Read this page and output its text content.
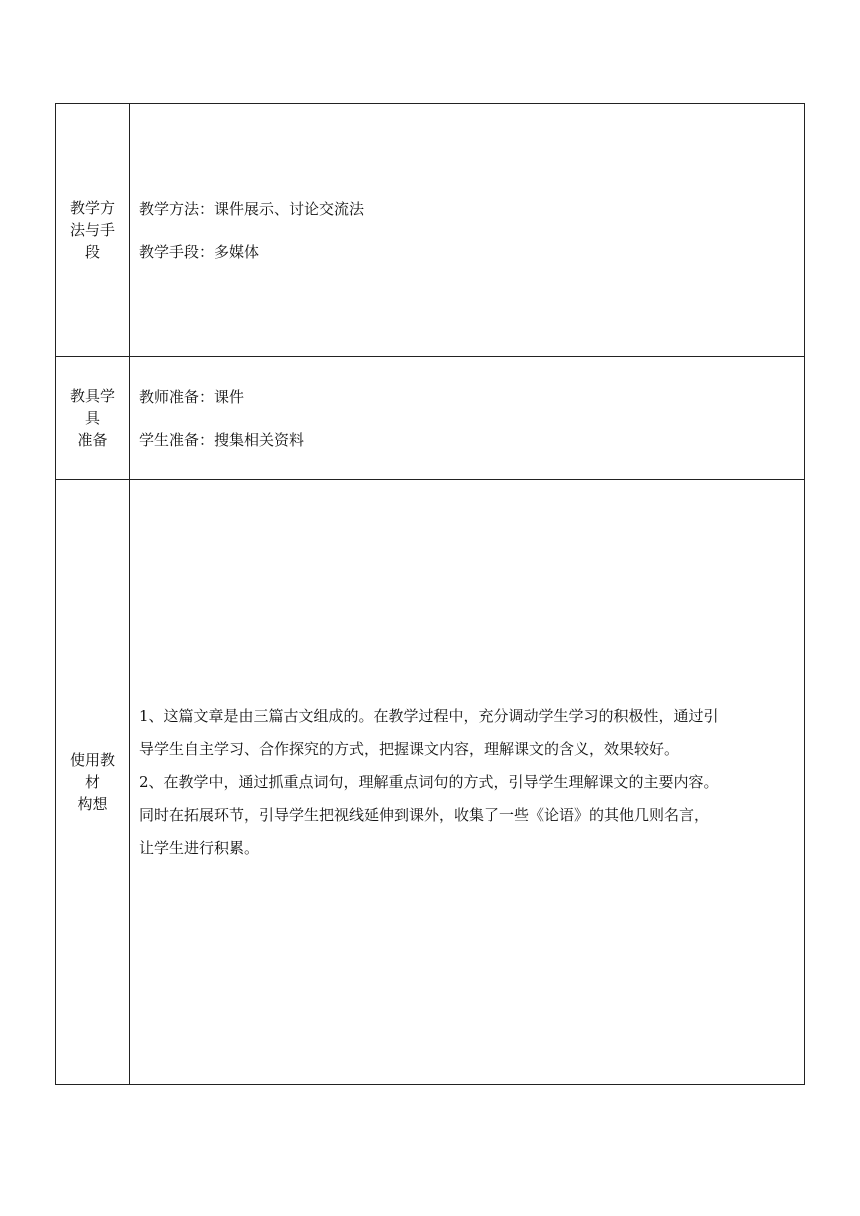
教学方
法与手
段	教学方法：课件展示、讨论交流法
教学手段：多媒体

教具学
具
准备	教师准备：课件
学生准备：搜集相关资料

使用教
材
构想	1、这篇文章是由三篇古文组成的。在教学过程中，充分调动学生学习的积极性，通过引
导学生自主学习、合作探究的方式，把握课文内容，理解课文的含义，效果较好。
2、在教学中，通过抓重点词句，理解重点词句的方式，引导学生理解课文的主要内容。
同时在拓展环节，引导学生把视线延伸到课外，收集了一些《论语》的其他几则名言，
让学生进行积累。
